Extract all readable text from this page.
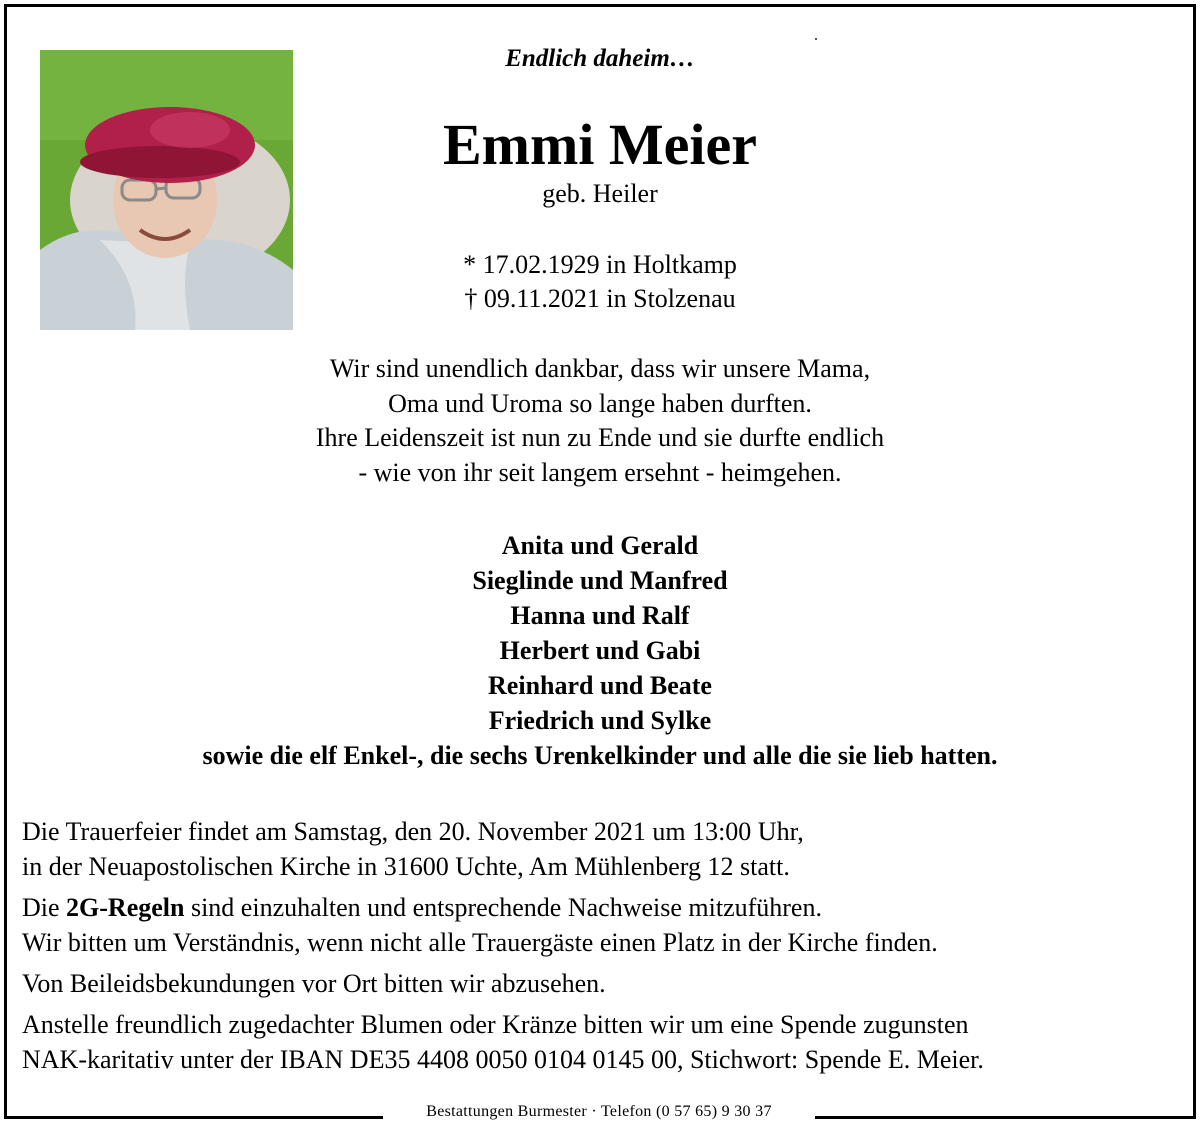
Endlich daheim…
Emmi Meier
geb. Heiler
* 17.02.1929 in Holtkamp
† 09.11.2021 in Stolzenau
Wir sind unendlich dankbar, dass wir unsere Mama,
Oma und Uroma so lange haben durften.
Ihre Leidenszeit ist nun zu Ende und sie durfte endlich
- wie von ihr seit langem ersehnt - heimgehen.
Anita und Gerald
Sieglinde und Manfred
Hanna und Ralf
Herbert und Gabi
Reinhard und Beate
Friedrich und Sylke
sowie die elf Enkel-, die sechs Urenkelkinder und alle die sie lieb hatten.
Die Trauerfeier findet am Samstag, den 20. November 2021 um 13:00 Uhr,
in der Neuapostolischen Kirche in 31600 Uchte, Am Mühlenberg 12 statt.
Die 2G-Regeln sind einzuhalten und entsprechende Nachweise mitzuführen.
Wir bitten um Verständnis, wenn nicht alle Trauergäste einen Platz in der Kirche finden.
Von Beileidsbekundungen vor Ort bitten wir abzusehen.
Anstelle freundlich zugedachter Blumen oder Kränze bitten wir um eine Spende zugunsten
NAK-karitativ unter der IBAN DE35 4408 0050 0104 0145 00, Stichwort: Spende E. Meier.
Bestattungen Burmester · Telefon (0 57 65) 9 30 37
